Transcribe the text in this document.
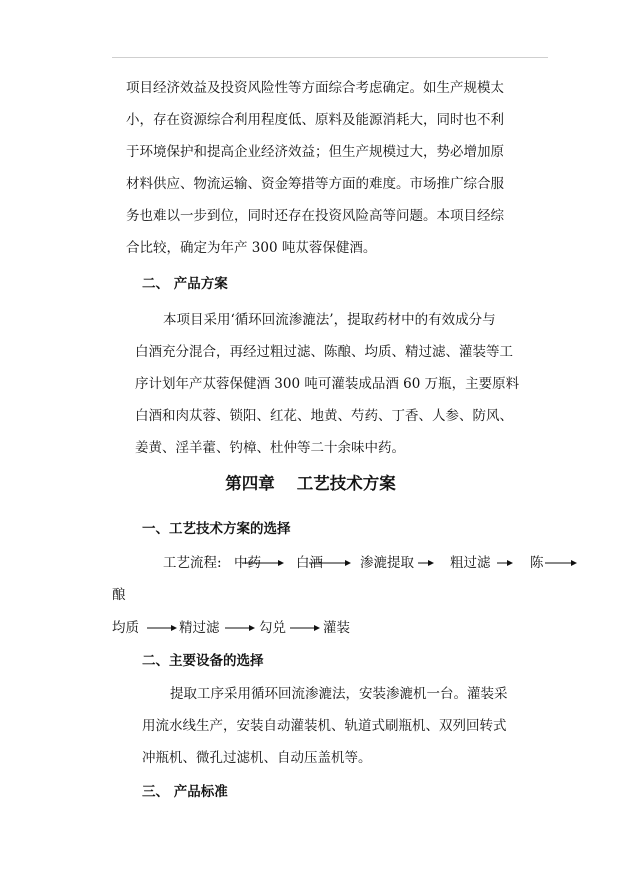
项目经济效益及投资风险性等方面综合考虑确定。如生产规模太
小，存在资源综合利用程度低、原料及能源消耗大，同时也不利
于环境保护和提高企业经济效益；但生产规模过大，势必增加原
材料供应、物流运输、资金筹措等方面的难度。市场推广综合服
务也难以一步到位，同时还存在投资风险高等问题。本项目经综
合比较，确定为年产 300 吨苁蓉保健酒。
二、 产品方案
本项目采用‘循环回流渗漉法’，提取药材中的有效成分与
白酒充分混合，再经过粗过滤、陈酿、均质、精过滤、灌装等工
序计划年产苁蓉保健酒 300 吨可灌装成品酒 60 万瓶，主要原料
白酒和肉苁蓉、锁阳、红花、地黄、芍药、丁香、人参、防风、
姜黄、淫羊藿、钓樟、杜仲等二十余味中药。
第四章 工艺技术方案
一、工艺技术方案的选择
工艺流程: 中药	白酒	渗漉提取	粗过滤	陈
酿
均质	精过滤	勾兑	灌装
二、主要设备的选择
提取工序采用循环回流渗漉法，安装渗漉机一台。灌装采
用流水线生产，安装自动灌装机、轨道式刷瓶机、双列回转式
冲瓶机、微孔过滤机、自动压盖机等。
三、 产品标准
